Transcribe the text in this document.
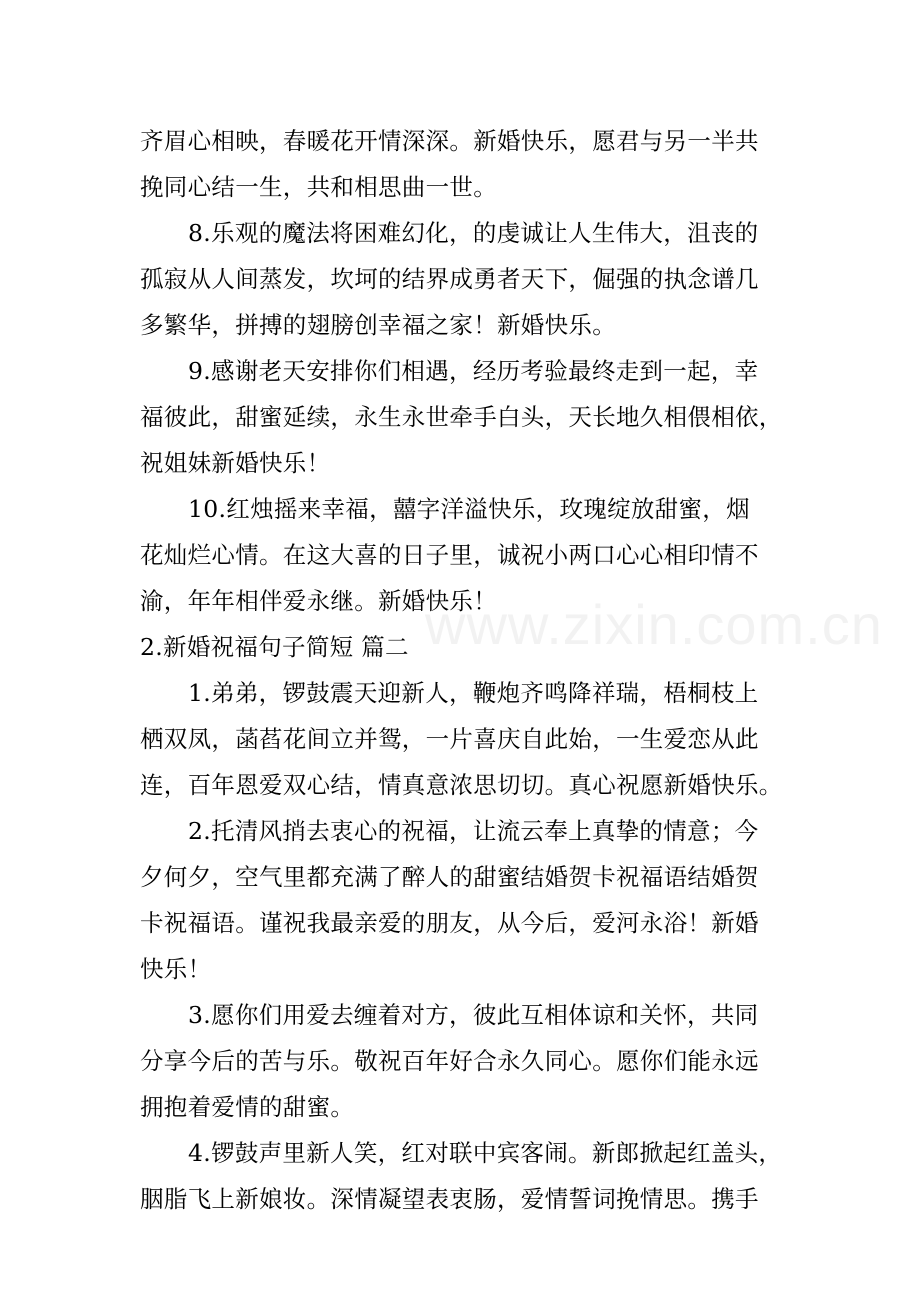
www.zixin.com.cn

齐眉心相映，春暖花开情深深。新婚快乐，愿君与另一半共
挽同心结一生，共和相思曲一世。

8.乐观的魔法将困难幻化，的虔诚让人生伟大，沮丧的
孤寂从人间蒸发，坎坷的结界成勇者天下，倔强的执念谱几
多繁华，拼搏的翅膀创幸福之家！新婚快乐。

9.感谢老天安排你们相遇，经历考验最终走到一起，幸
福彼此，甜蜜延续，永生永世牵手白头，天长地久相偎相依，
祝姐妹新婚快乐！

10.红烛摇来幸福，囍字洋溢快乐，玫瑰绽放甜蜜，烟
花灿烂心情。在这大喜的日子里，诚祝小两口心心相印情不
渝，年年相伴爱永继。新婚快乐！

2.新婚祝福句子简短 篇二

1.弟弟，锣鼓震天迎新人，鞭炮齐鸣降祥瑞，梧桐枝上
栖双凤，菡萏花间立并鸳，一片喜庆自此始，一生爱恋从此
连，百年恩爱双心结，情真意浓思切切。真心祝愿新婚快乐。

2.托清风捎去衷心的祝福，让流云奉上真挚的情意；今
夕何夕，空气里都充满了醉人的甜蜜结婚贺卡祝福语结婚贺
卡祝福语。谨祝我最亲爱的朋友，从今后，爱河永浴！新婚
快乐！

3.愿你们用爱去缠着对方，彼此互相体谅和关怀，共同
分享今后的苦与乐。敬祝百年好合永久同心。愿你们能永远
拥抱着爱情的甜蜜。

4.锣鼓声里新人笑，红对联中宾客闹。新郎掀起红盖头，
胭脂飞上新娘妆。深情凝望表衷肠，爱情誓词挽情思。携手
